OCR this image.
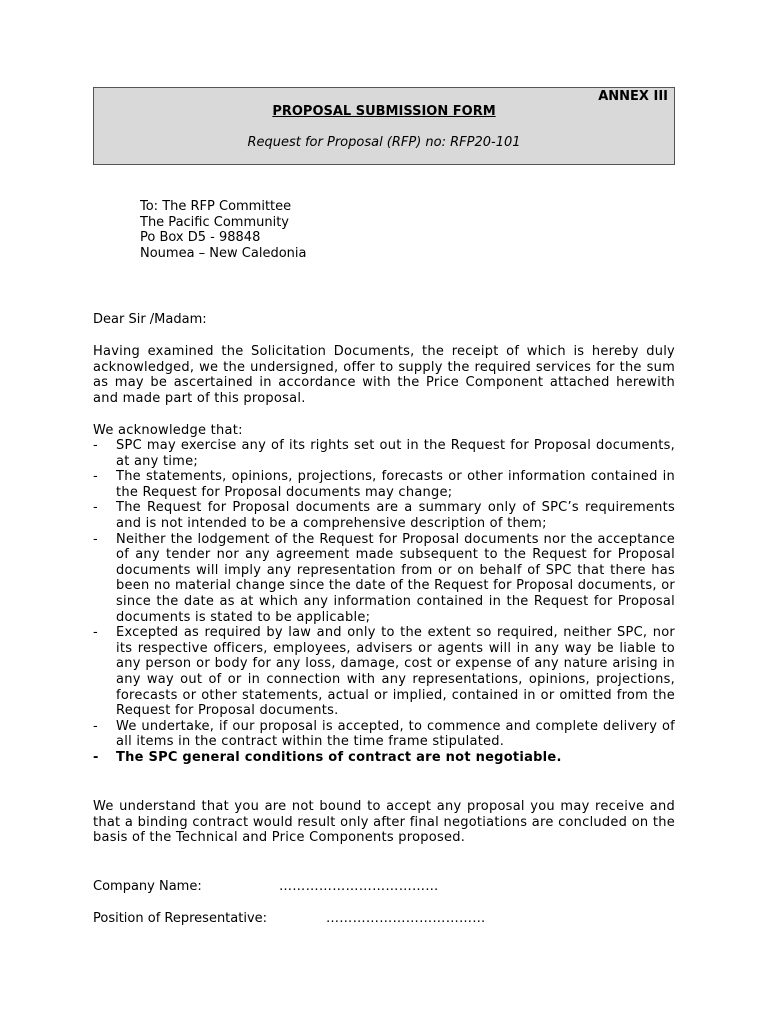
ANNEX III
PROPOSAL SUBMISSION FORM
Request for Proposal (RFP) no: RFP20-101
To: The RFP Committee
The Pacific Community
Po Box D5 - 98848
Noumea – New Caledonia
Dear Sir /Madam:
Having examined the Solicitation Documents, the receipt of which is hereby duly acknowledged, we the undersigned, offer to supply the required services for the sum as may be ascertained in accordance with the Price Component attached herewith and made part of this proposal.
We acknowledge that:
- SPC may exercise any of its rights set out in the Request for Proposal documents, at any time;
- The statements, opinions, projections, forecasts or other information contained in the Request for Proposal documents may change;
- The Request for Proposal documents are a summary only of SPC’s requirements and is not intended to be a comprehensive description of them;
- Neither the lodgement of the Request for Proposal documents nor the acceptance of any tender nor any agreement made subsequent to the Request for Proposal documents will imply any representation from or on behalf of SPC that there has been no material change since the date of the Request for Proposal documents, or since the date as at which any information contained in the Request for Proposal documents is stated to be applicable;
- Excepted as required by law and only to the extent so required, neither SPC, nor its respective officers, employees, advisers or agents will in any way be liable to any person or body for any loss, damage, cost or expense of any nature arising in any way out of or in connection with any representations, opinions, projections, forecasts or other statements, actual or implied, contained in or omitted from the Request for Proposal documents.
- We undertake, if our proposal is accepted, to commence and complete delivery of all items in the contract within the time frame stipulated.
- The SPC general conditions of contract are not negotiable.
We understand that you are not bound to accept any proposal you may receive and that a binding contract would result only after final negotiations are concluded on the basis of the Technical and Price Components proposed.
Company Name:	………………………………
Position of Representative:	………………………………
